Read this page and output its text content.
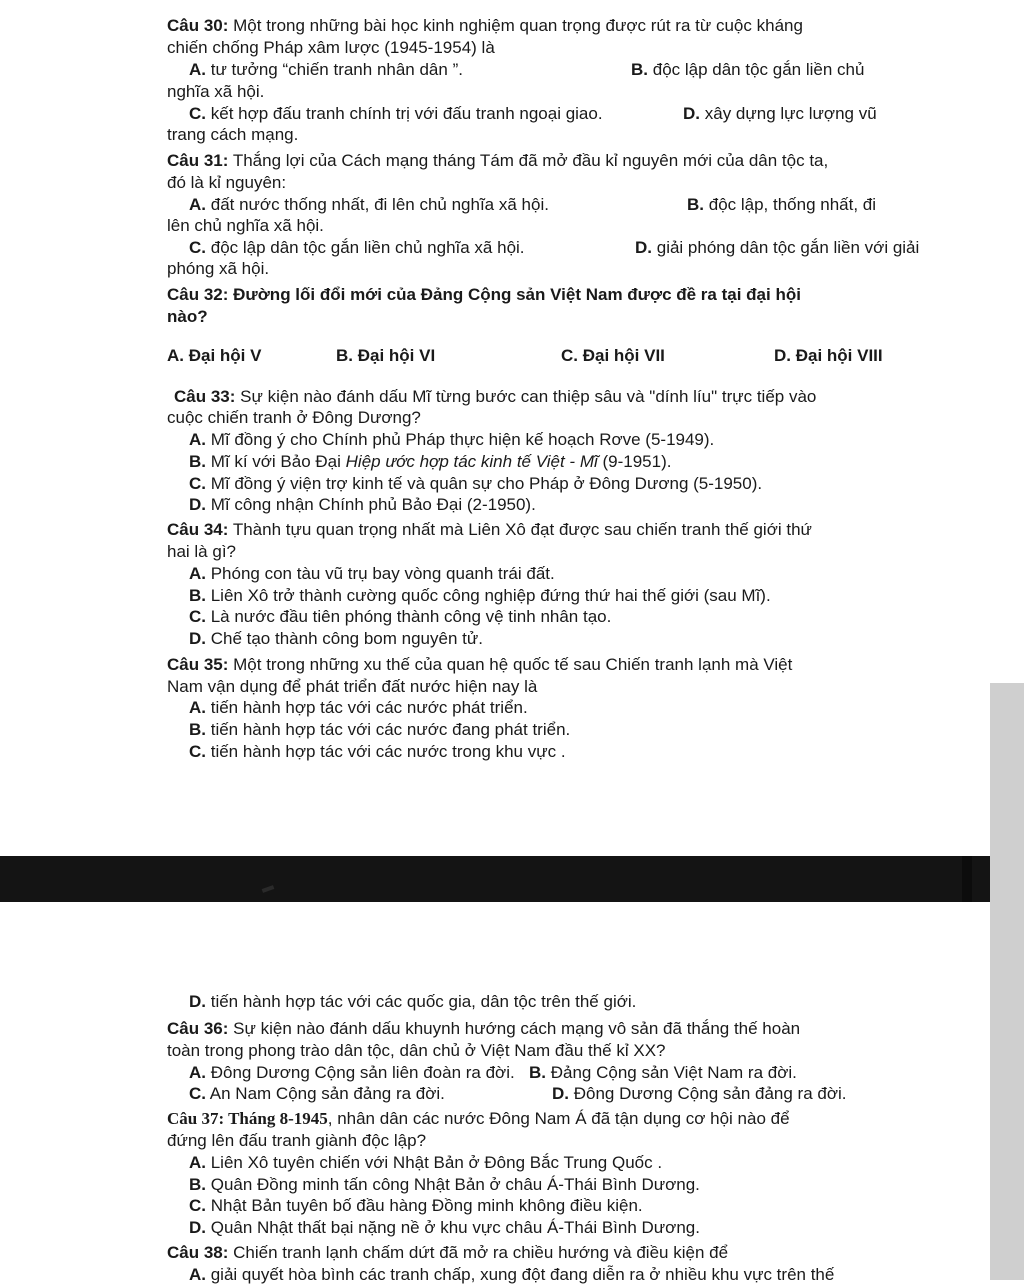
Câu 30: Một trong những bài học kinh nghiệm quan trọng được rút ra từ cuộc kháng
chiến chống Pháp xâm lược (1945-1954) là
A. tư tưởng “chiến tranh nhân dân ”.	B. độc lập dân tộc gắn liền chủ
nghĩa xã hội.
C. kết hợp đấu tranh chính trị với đấu tranh ngoại giao.	D. xây dựng lực lượng vũ
trang cách mạng.
Câu 31: Thắng lợi của Cách mạng tháng Tám đã mở đầu kỉ nguyên mới của dân tộc ta,
đó là kỉ nguyên:
A. đất nước thống nhất, đi lên chủ nghĩa xã hội.	B. độc lập, thống nhất, đi
lên chủ nghĩa xã hội.
C. độc lập dân tộc gắn liền chủ nghĩa xã hội.	D. giải phóng dân tộc gắn liền với giải
phóng xã hội.
Câu 32: Đường lối đổi mới của Đảng Cộng sản Việt Nam được đề ra tại đại hội
nào?
A. Đại hội V	B. Đại hội VI	C. Đại hội VII	D. Đại hội VIII
Câu 33: Sự kiện nào đánh dấu Mĩ từng bước can thiệp sâu và "dính líu" trực tiếp vào
cuộc chiến tranh ở Đông Dương?
A. Mĩ đồng ý cho Chính phủ Pháp thực hiện kế hoạch Rơve (5-1949).
B. Mĩ kí với Bảo Đại Hiệp ước hợp tác kinh tế Việt - Mĩ (9-1951).
C. Mĩ đồng ý viện trợ kinh tế và quân sự cho Pháp ở Đông Dương (5-1950).
D. Mĩ công nhận Chính phủ Bảo Đại (2-1950).
Câu 34: Thành tựu quan trọng nhất mà Liên Xô đạt được sau chiến tranh thế giới thứ
hai là gì?
A. Phóng con tàu vũ trụ bay vòng quanh trái đất.
B. Liên Xô trở thành cường quốc công nghiệp đứng thứ hai thế giới (sau Mĩ).
C. Là nước đầu tiên phóng thành công vệ tinh nhân tạo.
D. Chế tạo thành công bom nguyên tử.
Câu 35: Một trong những xu thế của quan hệ quốc tế sau Chiến tranh lạnh mà Việt
Nam vận dụng để phát triển đất nước hiện nay là
A. tiến hành hợp tác với các nước phát triển.
B. tiến hành hợp tác với các nước đang phát triển.
C. tiến hành hợp tác với các nước trong khu vực .
D. tiến hành hợp tác với các quốc gia, dân tộc trên thế giới.
Câu 36: Sự kiện nào đánh dấu khuynh hướng cách mạng vô sản đã thắng thế hoàn
toàn trong phong trào dân tộc, dân chủ ở Việt Nam đầu thế kỉ XX?
A. Đông Dương Cộng sản liên đoàn ra đời. B. Đảng Cộng sản Việt Nam ra đời.
C. An Nam Cộng sản đảng ra đời.	D. Đông Dương Cộng sản đảng ra đời.
Câu 37: Tháng 8-1945, nhân dân các nước Đông Nam Á đã tận dụng cơ hội nào để
đứng lên đấu tranh giành độc lập?
A. Liên Xô tuyên chiến với Nhật Bản ở Đông Bắc Trung Quốc .
B. Quân Đồng minh tấn công Nhật Bản ở châu Á-Thái Bình Dương.
C. Nhật Bản tuyên bố đầu hàng Đồng minh không điều kiện.
D. Quân Nhật thất bại nặng nề ở khu vực châu Á-Thái Bình Dương.
Câu 38: Chiến tranh lạnh chấm dứt đã mở ra chiều hướng và điều kiện để
A. giải quyết hòa bình các tranh chấp, xung đột đang diễn ra ở nhiều khu vực trên thế
